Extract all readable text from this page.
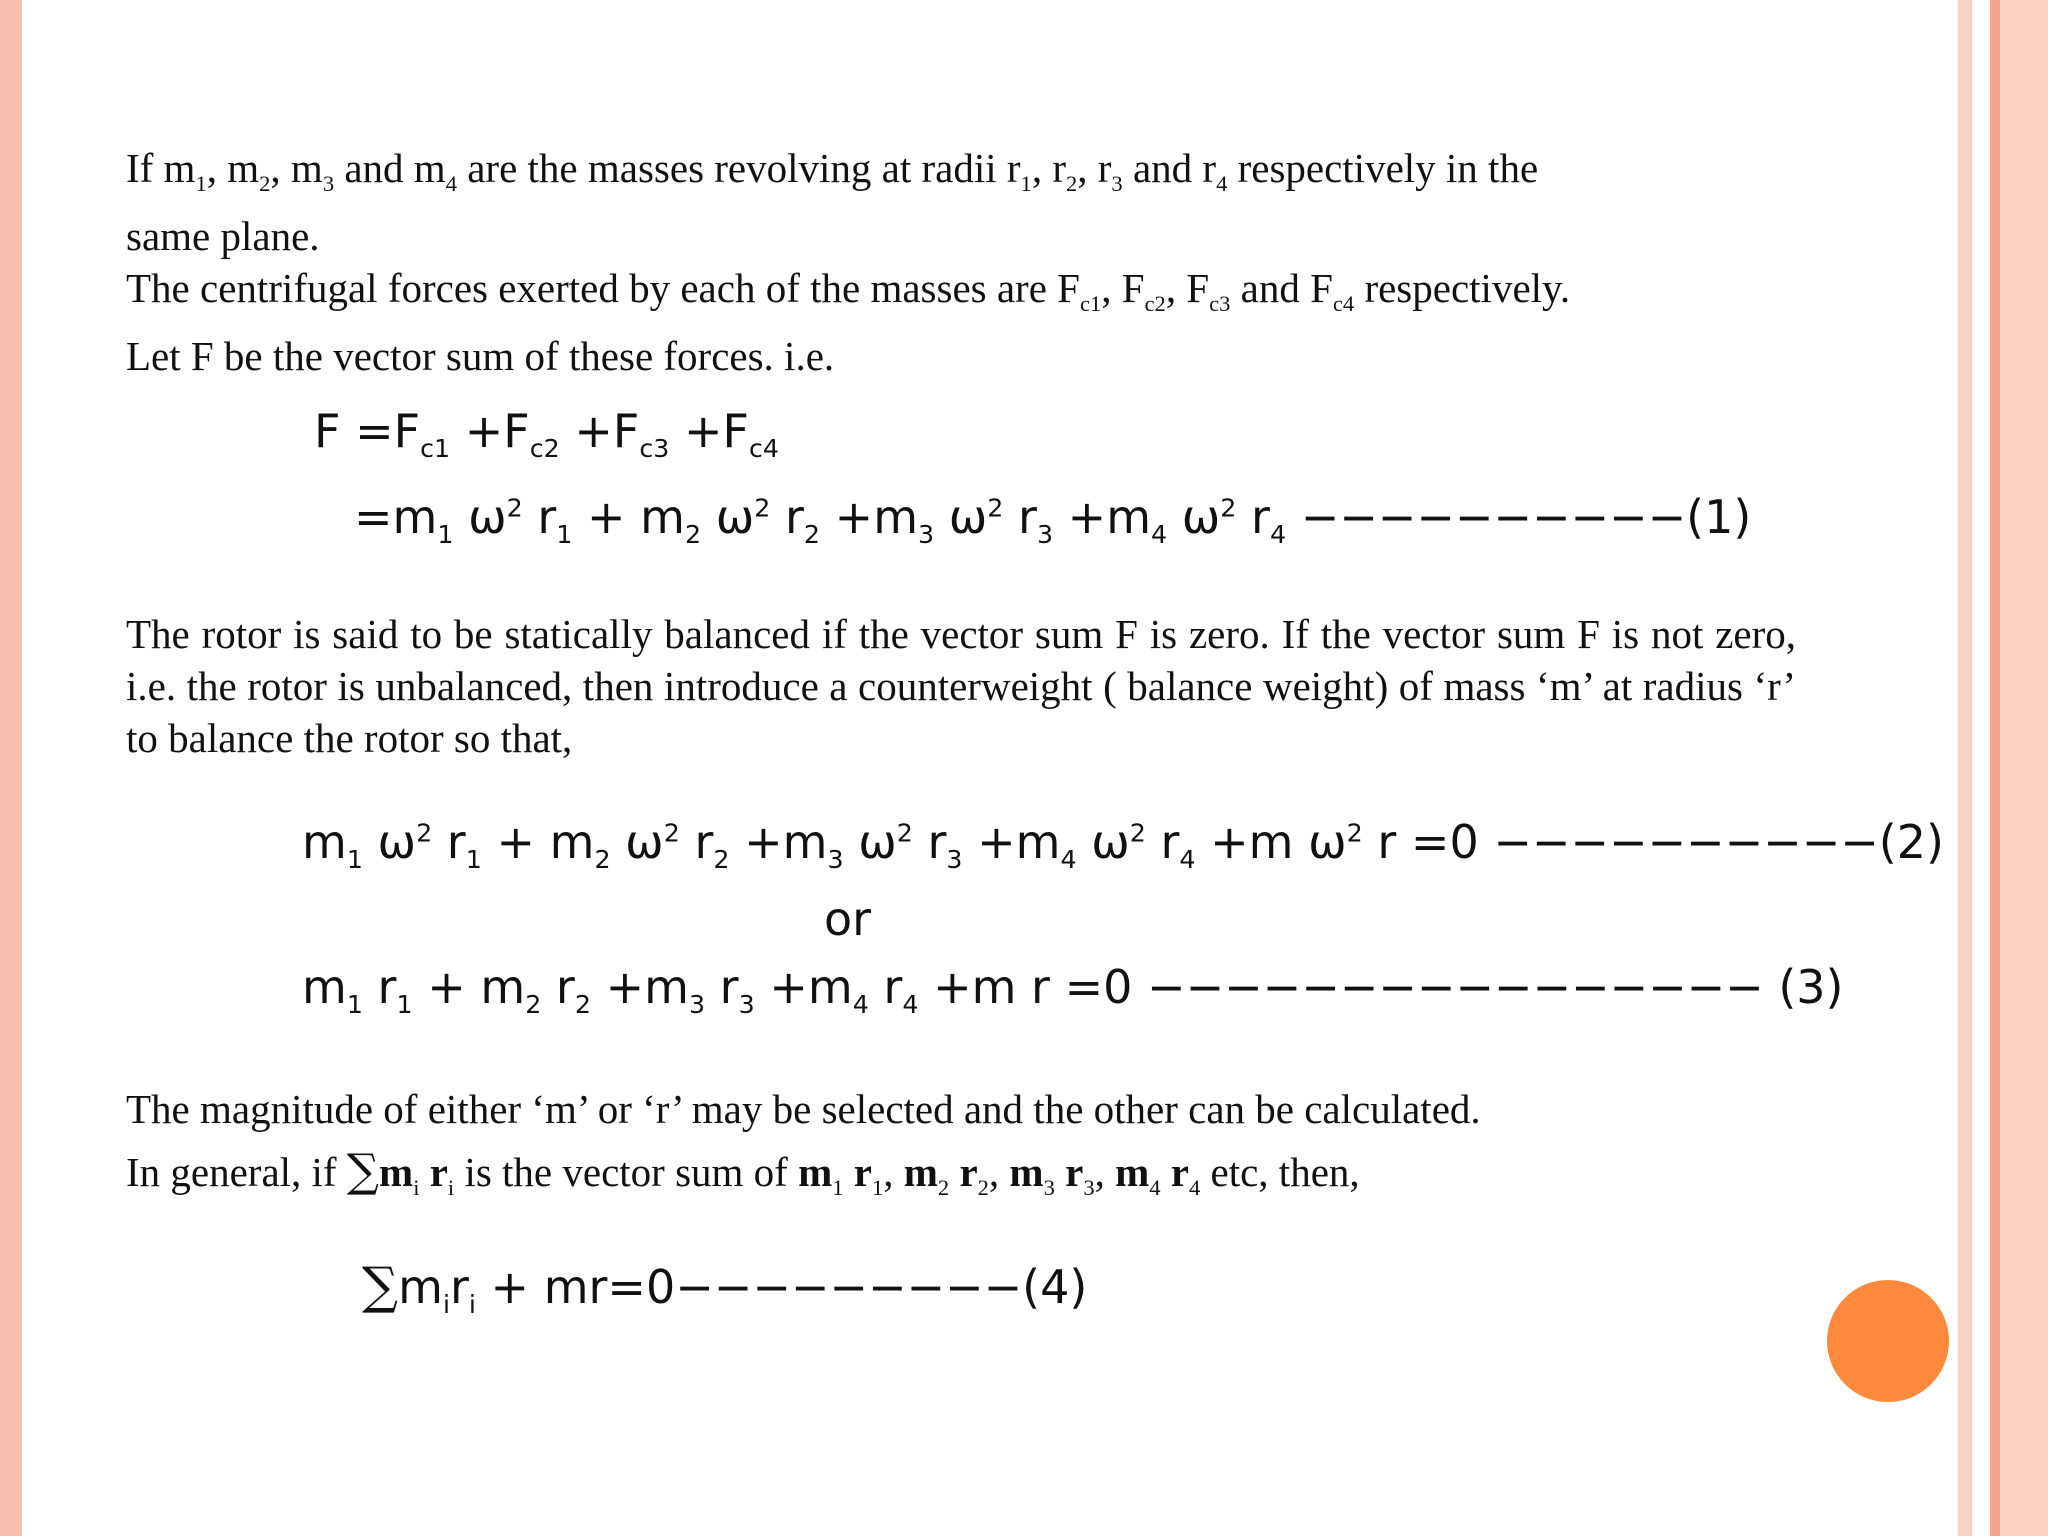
If $m_1$, $m_2$, $m_3$ and $m_4$ are the masses revolving at radii $r_1$, $r_2$, $r_3$ and $r_4$ respectively in the

same plane.

The centrifugal forces exerted by each of the masses are $F_{c1}$, $F_{c2}$, $F_{c3}$ and $F_{c4}$ respectively.

Let F be the vector sum of these forces. i.e.

$F =F_{c1} +F_{c2} +F_{c3} +F_{c4}$
$=m_1$ $\omega^2$ $r_1 + m_2$ $\omega^2$ $r_2 +m_3$ $\omega^2$ $r_3 +m_4$ $\omega^2$ $r_4 ----------(1)$

The rotor is said to be statically balanced if the vector sum F is zero. If the vector sum F is not zero, i.e. the rotor is unbalanced, then introduce a counterweight ( balance weight) of mass ‘m’ at radius ‘r’ to balance the rotor so that,

$m_1$ $\omega^2$ $r_1 + m_2$ $\omega^2$ $r_2 +m_3$ $\omega^2$ $r_3 +m_4$ $\omega^2$ $r_4 +m$ $\omega^2$ r =0 −−−−−−−−−−(2)
or
$m_1$ $r_1 + m_2$ $r_2 +m_3$ $r_3 +m_4$ $r_4 +m$ r =0 −−−−−−−−−−−−−−−− (3)

The magnitude of either ‘m’ or ‘r’ may be selected and the other can be calculated.

In general, if $\sum m_i$ $r_i$ is the vector sum of $m_1$ $r_1$, $m_2$ $r_2$, $m_3$ $r_3$, $m_4$ $r_4$ etc, then,

$\sum m_ir_i + mr=0---------(4)$
